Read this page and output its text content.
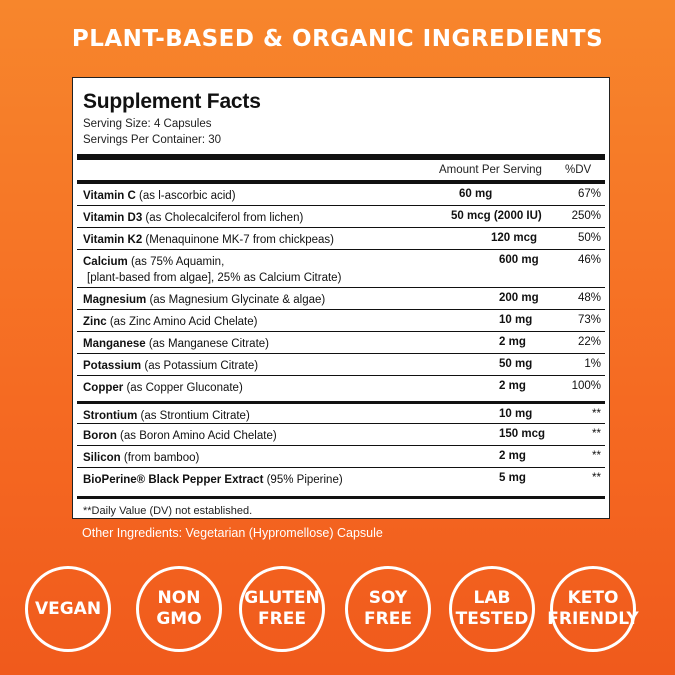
PLANT-BASED & ORGANIC INGREDIENTS
Supplement Facts
Serving Size: 4 Capsules
Servings Per Container: 30
Amount Per Serving %DV
Vitamin C (as l-ascorbic acid)	60 mg	67%
Vitamin D3 (as Cholecalciferol from lichen)	50 mcg (2000 IU)	250%
Vitamin K2 (Menaquinone MK-7 from chickpeas)	120 mcg	50%
Calcium (as 75% Aquamin,
[plant-based from algae], 25% as Calcium Citrate)
600 mg	46%
Magnesium (as Magnesium Glycinate & algae)	200 mg	48%
Zinc (as Zinc Amino Acid Chelate)	10 mg	73%
Manganese (as Manganese Citrate)	2 mg	22%
Potassium (as Potassium Citrate)	50 mg	1%
Copper (as Copper Gluconate)	2 mg	100%
Strontium (as Strontium Citrate)	10 mg	**
Boron (as Boron Amino Acid Chelate)	150 mcg	**
Silicon (from bamboo)	2 mg	**
BioPerine® Black Pepper Extract (95% Piperine)	5 mg	**
**Daily Value (DV) not established.
Other Ingredients: Vegetarian (Hypromellose) Capsule
VEGAN
NON
GMO
GLUTEN
FREE
SOY
FREE
LAB
TESTED
KETO
FRIENDLY
